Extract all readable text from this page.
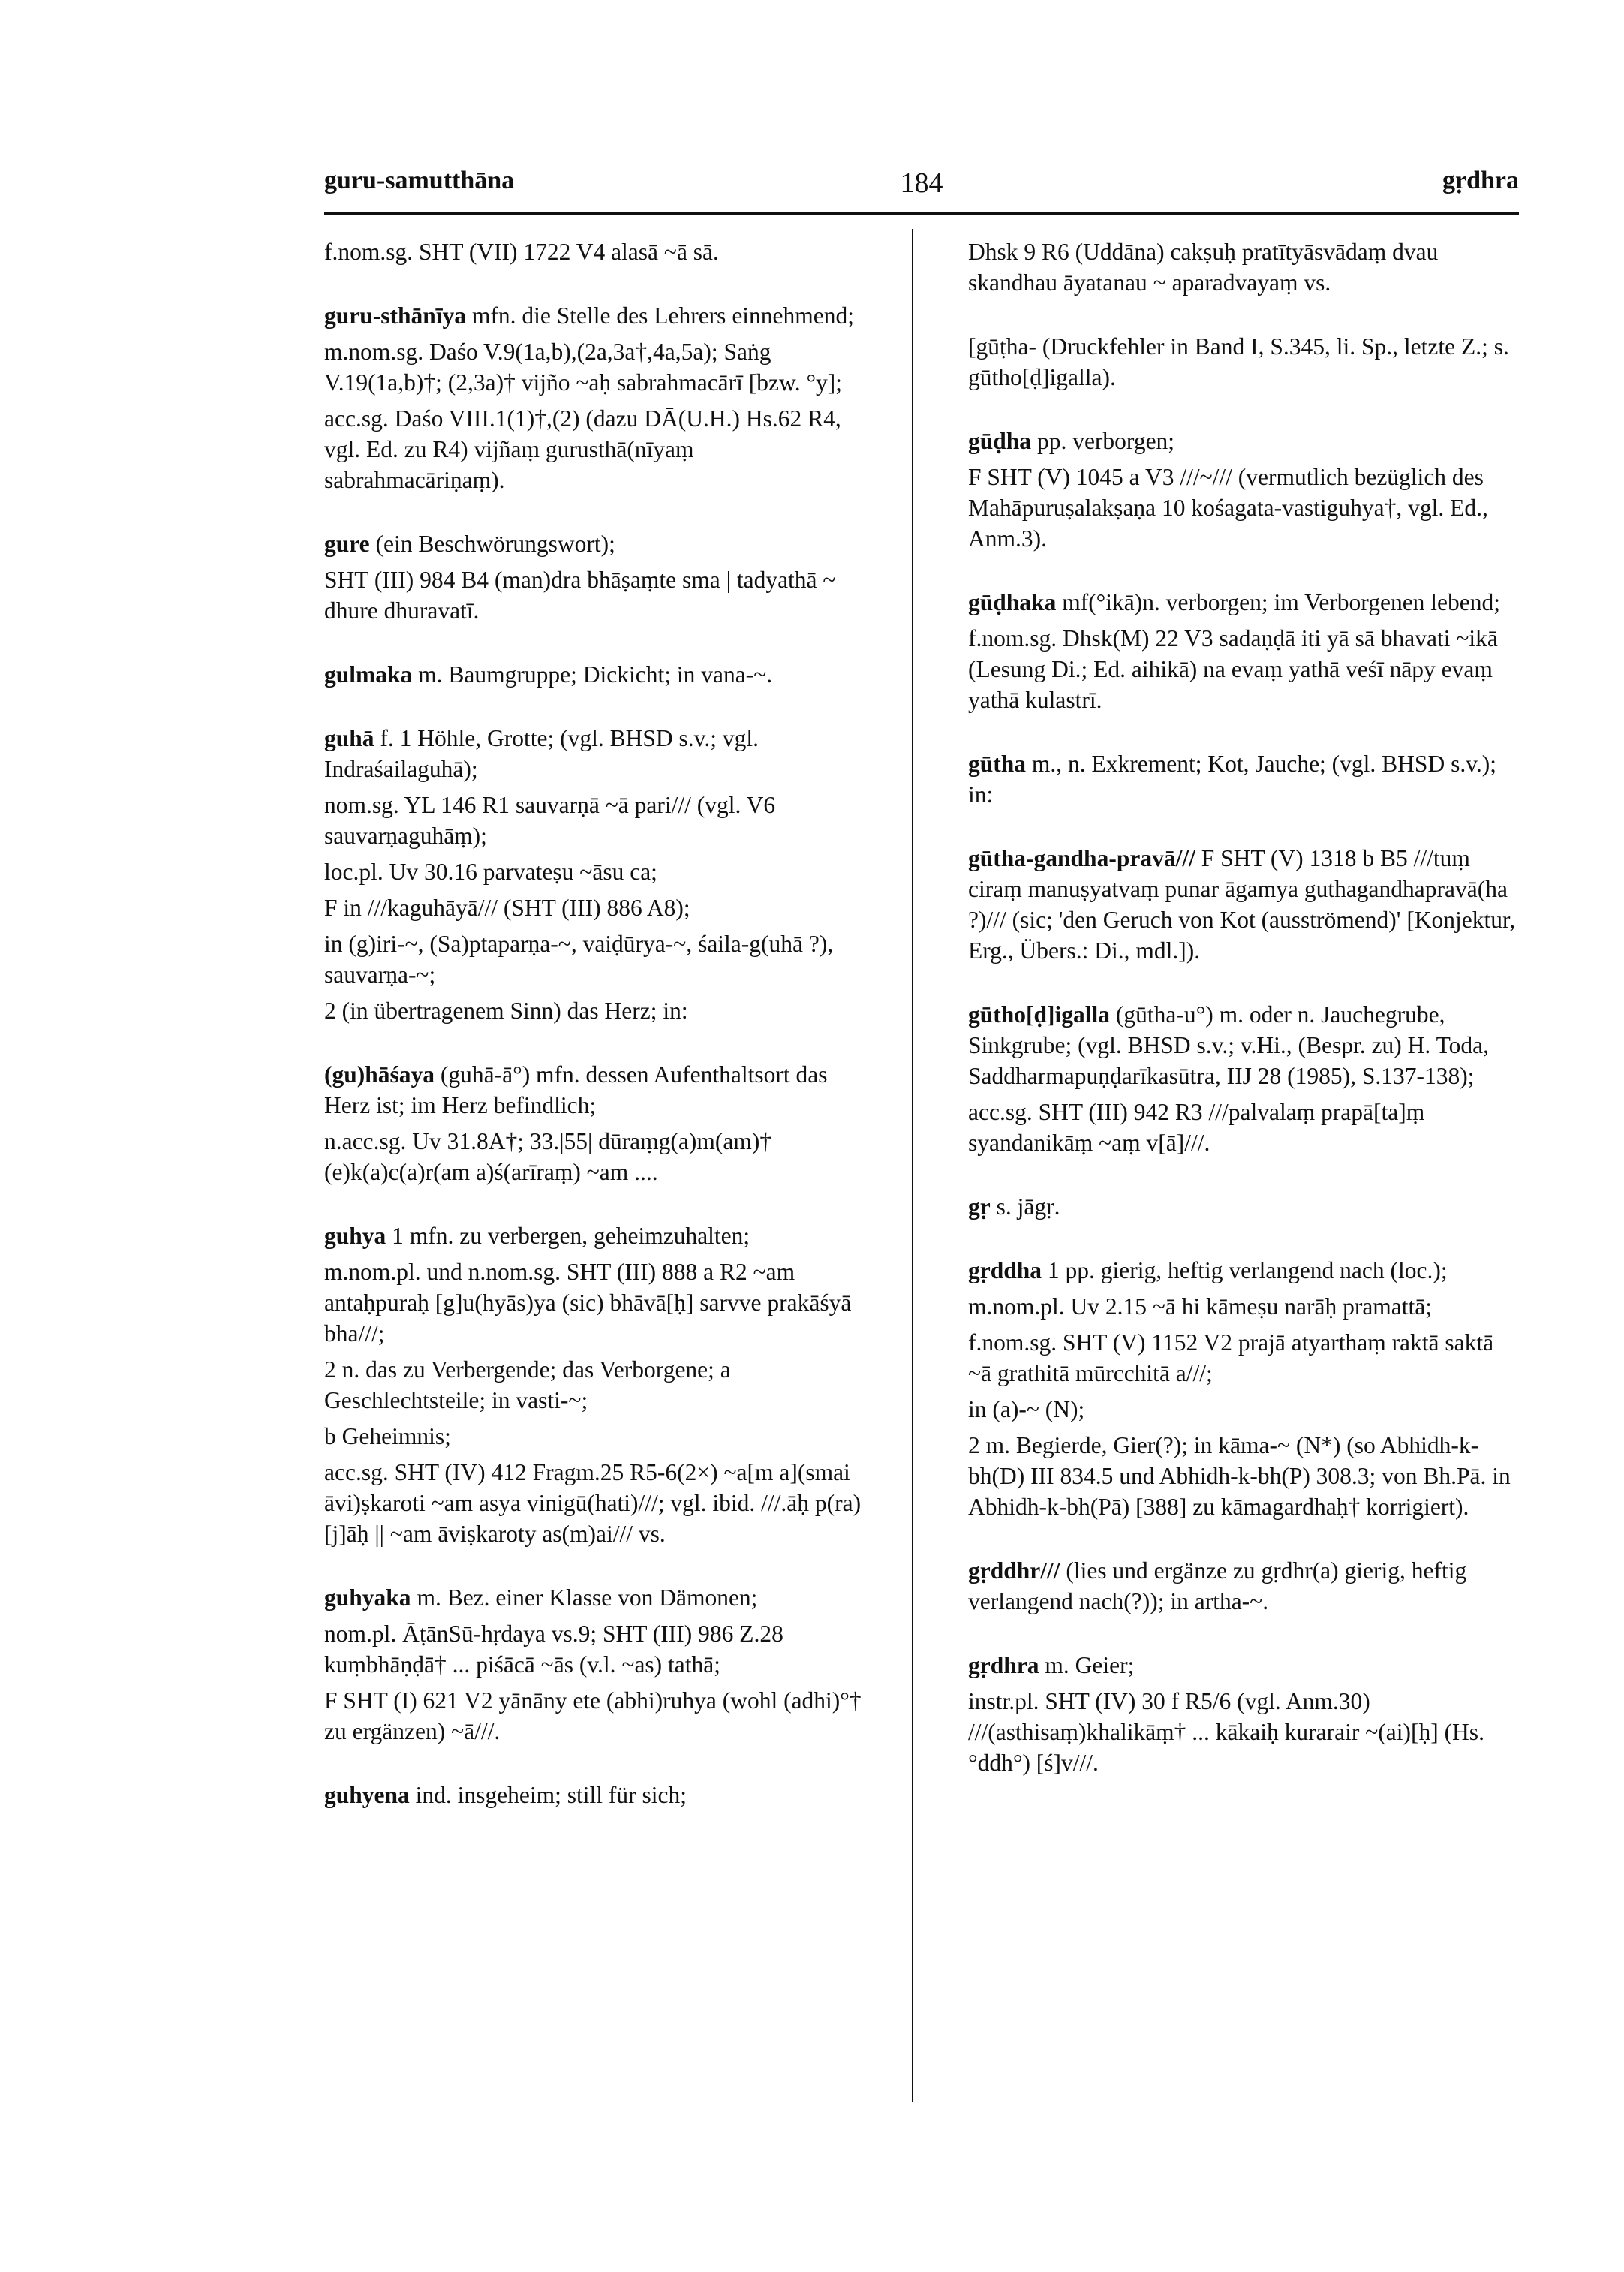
guru-samutthāna	184	gṛdhra
f.nom.sg. SHT (VII) 1722 V4 alasā ~ā sā.
guru-sthānīya mfn. die Stelle des Lehrers einnehmend;
m.nom.sg. Daśo V.9(1a,b),(2a,3a†,4a,5a); Saṅg V.19(1a,b)†; (2,3a)† vijño ~aḥ sabrahmacārī [bzw. °y];
acc.sg. Daśo VIII.1(1)†,(2) (dazu DĀ(U.H.) Hs.62 R4, vgl. Ed. zu R4) vijñaṃ gurusthā(nīyaṃ sabrahmacāriṇaṃ).
gure (ein Beschwörungswort);
SHT (III) 984 B4 (man)dra bhāṣaṃte sma | tadyathā ~ dhure dhuravatī.
gulmaka m. Baumgruppe; Dickicht; in vana-~.
guhā f. 1 Höhle, Grotte; (vgl. BHSD s.v.; vgl. Indraśailaguhā);
nom.sg. YL 146 R1 sauvarṇā ~ā pari/// (vgl. V6 sauvarṇaguhāṃ);
loc.pl. Uv 30.16 parvateṣu ~āsu ca;
F in ///kaguhāyā/// (SHT (III) 886 A8);
in (g)iri-~, (Sa)ptaparṇa-~, vaiḍūrya-~, śaila-g(uhā ?), sauvarṇa-~;
2 (in übertragenem Sinn) das Herz; in:
(gu)hāśaya (guhā-ā°) mfn. dessen Aufenthaltsort das Herz ist; im Herz befindlich;
n.acc.sg. Uv 31.8A†; 33.|55| dūraṃg(a)m(am)† (e)k(a)c(a)r(am a)ś(arīraṃ) ~am ....
guhya 1 mfn. zu verbergen, geheimzuhalten;
m.nom.pl. und n.nom.sg. SHT (III) 888 a R2 ~am antaḥpuraḥ [g]u(hyās)ya (sic) bhāvā[ḥ] sarvve prakāśyā bha///;
2 n. das zu Verbergende; das Verborgene; a Geschlechtsteile; in vasti-~;
b Geheimnis;
acc.sg. SHT (IV) 412 Fragm.25 R5-6(2×) ~a[m a](smai āvi)ṣkaroti ~am asya vinigū(hati)///; vgl. ibid. ///.āḥ p(ra)[j]āḥ || ~am āviṣkaroty as(m)ai/// vs.
guhyaka m. Bez. einer Klasse von Dämonen;
nom.pl. ĀṭānSū-hṛdaya vs.9; SHT (III) 986 Z.28 kuṃbhāṇḍā† ... piśācā ~ās (v.l. ~as) tathā;
F SHT (I) 621 V2 yānāny ete (abhi)ruhya (wohl (adhi)°† zu ergänzen) ~ā///.
guhyena ind. insgeheim; still für sich;
Dhsk 9 R6 (Uddāna) cakṣuḥ pratītyāsvādaṃ dvau skandhau āyatanau ~ aparadvayaṃ vs.
[gūṭha- (Druckfehler in Band I, S.345, li. Sp., letzte Z.; s. gūtho[ḍ]igalla).
gūḍha pp. verborgen;
F SHT (V) 1045 a V3 ///~/// (vermutlich bezüglich des Mahāpuruṣalakṣaṇa 10 kośagata-vastiguhya†, vgl. Ed., Anm.3).
gūḍhaka mf(°ikā)n. verborgen; im Verborgenen lebend;
f.nom.sg. Dhsk(M) 22 V3 sadaṇḍā iti yā sā bhavati ~ikā (Lesung Di.; Ed. aihikā) na evaṃ yathā veśī nāpy evaṃ yathā kulastrī.
gūtha m., n. Exkrement; Kot, Jauche; (vgl. BHSD s.v.); in:
gūtha-gandha-pravā/// F SHT (V) 1318 b B5 ///tuṃ ciraṃ manuṣyatvaṃ punar āgamya guthagandhapravā(ha ?)/// (sic; 'den Geruch von Kot (ausströmend)' [Konjektur, Erg., Übers.: Di., mdl.]).
gūtho[ḍ]igalla (gūtha-u°) m. oder n. Jauchegrube, Sinkgrube; (vgl. BHSD s.v.; v.Hi., (Bespr. zu) H. Toda, Saddharmapuṇḍarīkasūtra, IIJ 28 (1985), S.137-138);
acc.sg. SHT (III) 942 R3 ///palvalaṃ prapā[ta]ṃ syandanikāṃ ~aṃ v[ā]///.
gṛ s. jāgṛ.
gṛddha 1 pp. gierig, heftig verlangend nach (loc.);
m.nom.pl. Uv 2.15 ~ā hi kāmeṣu narāḥ pramattā;
f.nom.sg. SHT (V) 1152 V2 prajā atyarthaṃ raktā saktā ~ā grathitā mūrcchitā a///;
in (a)-~ (N);
2 m. Begierde, Gier(?); in kāma-~ (N*) (so Abhidh-k-bh(D) III 834.5 und Abhidh-k-bh(P) 308.3; von Bh.Pā. in Abhidh-k-bh(Pā) [388] zu kāmagardhaḥ† korrigiert).
gṛddhr/// (lies und ergänze zu gṛdhr(a) gierig, heftig verlangend nach(?)); in artha-~.
gṛdhra m. Geier;
instr.pl. SHT (IV) 30 f R5/6 (vgl. Anm.30) ///(asthisaṃ)khalikāṃ† ... kākaiḥ kurarair ~(ai)[ḥ] (Hs. °ddh°) [ś]v///.
